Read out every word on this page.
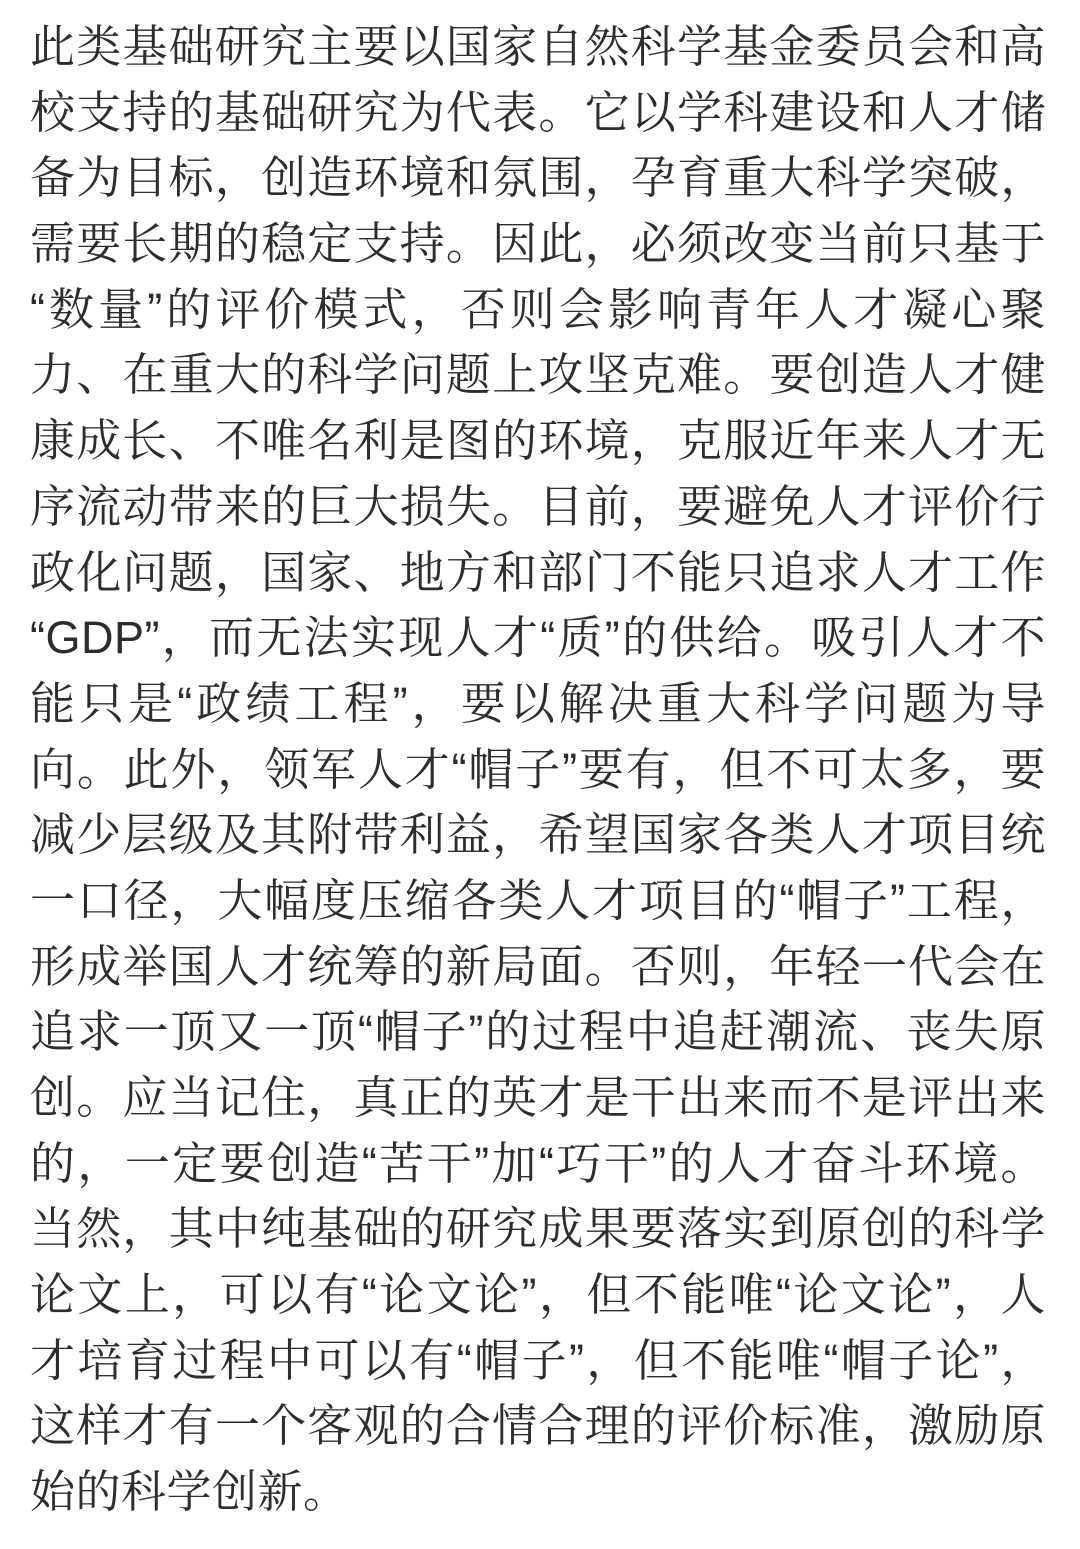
此类基础研究主要以国家自然科学基金委员会和高校支持的基础研究为代表。它以学科建设和人才储备为目标，创造环境和氛围，孕育重大科学突破，需要长期的稳定支持。因此，必须改变当前只基于“数量”的评价模式，否则会影响青年人才凝心聚力、在重大的科学问题上攻坚克难。要创造人才健康成长、不唯名利是图的环境，克服近年来人才无序流动带来的巨大损失。目前，要避免人才评价行政化问题，国家、地方和部门不能只追求人才工作“GDP”，而无法实现人才“质”的供给。吸引人才不能只是“政绩工程”，要以解决重大科学问题为导向。此外，领军人才“帽子”要有，但不可太多，要减少层级及其附带利益，希望国家各类人才项目统一口径，大幅度压缩各类人才项目的“帽子”工程，形成举国人才统筹的新局面。否则，年轻一代会在追求一顶又一顶“帽子”的过程中追赶潮流、丧失原创。应当记住，真正的英才是干出来而不是评出来的，一定要创造“苦干”加“巧干”的人才奋斗环境。当然，其中纯基础的研究成果要落实到原创的科学论文上，可以有“论文论”，但不能唯“论文论”，人才培育过程中可以有“帽子”，但不能唯“帽子论”，这样才有一个客观的合情合理的评价标准，激励原始的科学创新。
